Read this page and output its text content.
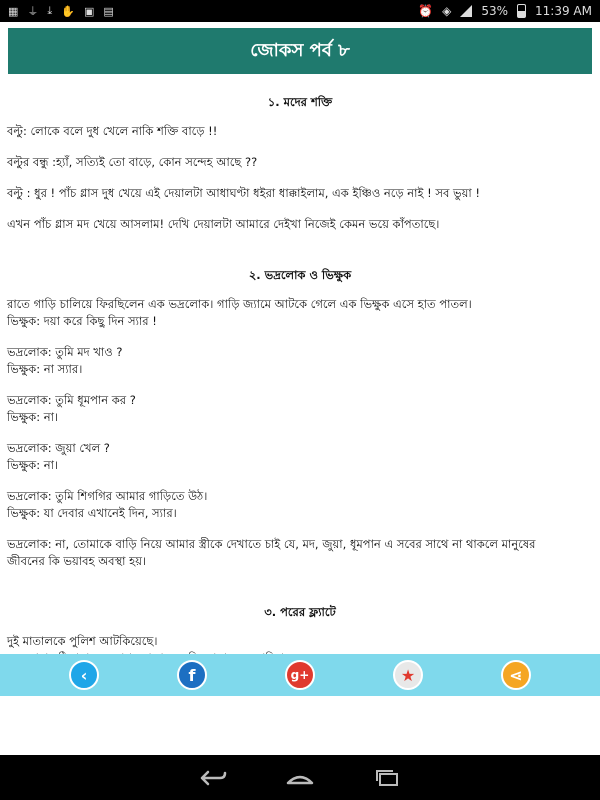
▦ ⏚ ⤓ ✋ ▣ ▤	⏰ ◈	53% 11:39 AM
জোকস পর্ব ৮
১. মদের শক্তি

বল্টু: লোকে বলে দুধ খেলে নাকি শক্তি বাড়ে !!

বল্টুর বন্ধু :হ্যাঁ, সত্যিই তো বাড়ে, কোন সন্দেহ আছে ??

বল্টু : ধুর ! পাঁচ গ্লাস দুধ খেয়ে এই দেয়ালটা আধাঘণ্টা ধইরা ধাক্কাইলাম, এক ইঞ্চিও নড়ে নাই ! সব ভুয়া !

এখন পাঁচ গ্লাস মদ খেয়ে আসলাম! দেখি দেয়ালটা আমারে দেইখা নিজেই কেমন ভয়ে কাঁপতাছে।

২. ভদ্রলোক ও ভিক্ষুক

রাতে গাড়ি চালিয়ে ফিরছিলেন এক ভদ্রলোক। গাড়ি জ্যামে আটকে গেলে এক ভিক্ষুক এসে হাত পাতল।
ভিক্ষুক: দয়া করে কিছু দিন স্যার !

ভদ্রলোক: তুমি মদ খাও ?
ভিক্ষুক: না স্যার।

ভদ্রলোক: তুমি ধূমপান কর ?
ভিক্ষুক: না।

ভদ্রলোক: জুয়া খেল ?
ভিক্ষুক: না।

ভদ্রলোক: তুমি শিগগির আমার গাড়িতে উঠ।
ভিক্ষুক: যা দেবার এখানেই দিন, স্যার।

ভদ্রলোক: না, তোমাকে বাড়ি নিয়ে আমার স্ত্রীকে দেখাতে চাই যে, মদ, জুয়া, ধূমপান এ সবের সাথে না থাকলে মানুষের
জীবনের কি ভয়াবহ অবস্থা হয়।

৩. পরের ফ্ল্যাটে
দুই মাতালকে পুলিশ আটকিয়েছে।
‹	f	g+	★	⋖
